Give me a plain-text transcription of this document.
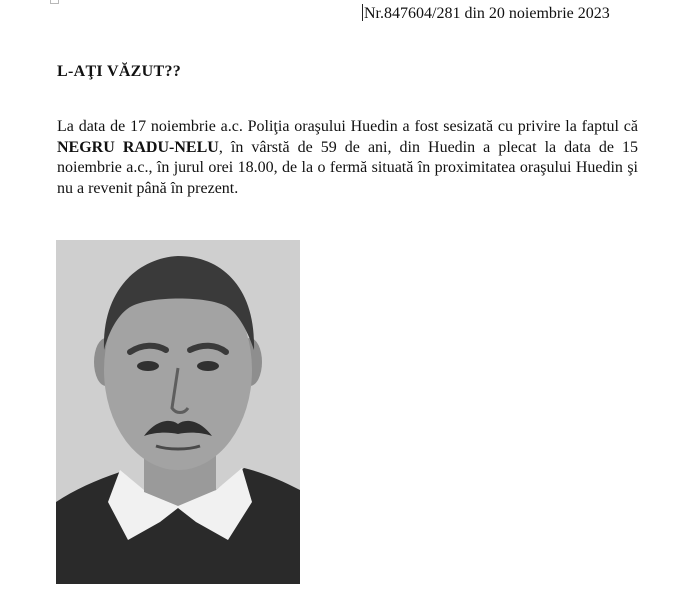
Nr.847604/281 din 20 noiembrie 2023
L-AŢI VĂZUT??
La data de 17 noiembrie a.c. Poliţia oraşului Huedin a fost sesizată cu privire la faptul că NEGRU RADU-NELU, în vârstă de 59 de ani, din Huedin a plecat la data de 15 noiembrie a.c., în jurul orei 18.00, de la o fermă situată în proximitatea oraşului Huedin şi nu a revenit până în prezent.
